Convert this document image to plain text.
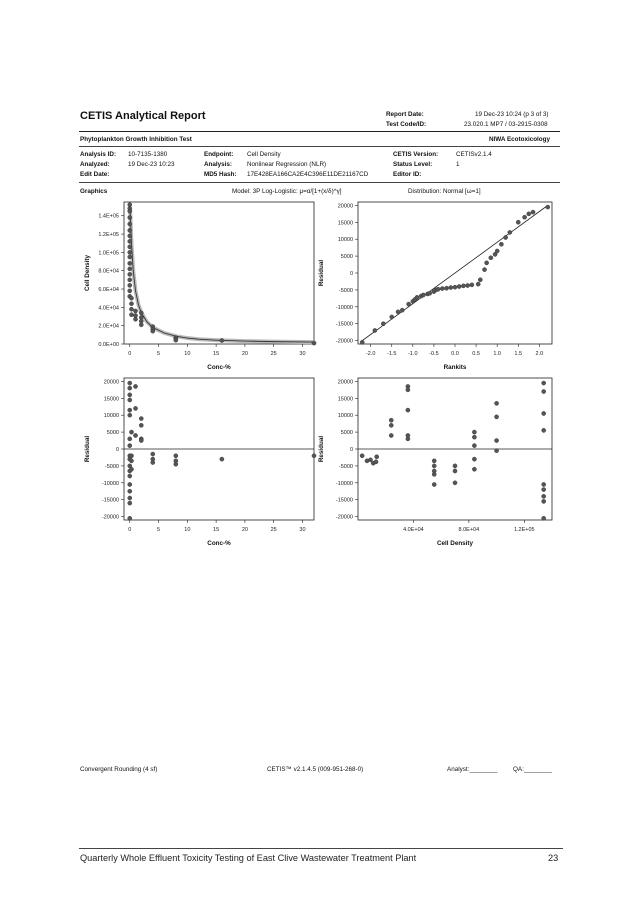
CETIS Analytical Report	Report Date:	19 Dec-23 10:24 (p 3 of 3)
Test Code/ID:	23.020.1 MP7 / 03-2915-0308
Phytoplankton Growth Inhibition Test	NIWA Ecotoxicology
Analysis ID: 10-7135-1380
Analyzed:	19 Dec-23 10:23
Edit Date:
Endpoint: Cell Density
Analysis: Nonlinear Regression (NLR)
MD5 Hash: 17E428EA166CA2E4C396E11DE21167CD
CETIS Version:	CETISv2.1.4
Status Level:	1
Editor ID:
Graphics	Model: 3P Log-Logistic: μ=α/[1+(x/δ)^γ]	Distribution: Normal [ω=1]
0.0E+00
2.0E+04
4.0E+04
6.0E+04
8.0E+04
1.0E+05
1.2E+05
1.4E+05
0	5	10	15	20	25	30
Conc-%
Cell Density
-20000
-15000
-10000
-5000
0
5000
10000
15000
20000
-2.0 -1.5 -1.0 -0.5 0.0 0.5 1.0 1.5 2.0
Rankits
Residual
-20000
-15000
-10000
-5000
0
5000
10000
15000
20000
0	5	10	15	20	25	30
Conc-%
Residual
-20000
-15000
-10000
-5000
0
5000
10000
15000
20000
4.0E+04	8.0E+04	1.2E+05
Cell Density
Residual
Convergent Rounding (4 sf)	CETIS™ v2.1.4.5 (009-951-268-0)	Analyst:________ QA:________
Quarterly Whole Effluent Toxicity Testing of East Clive Wastewater Treatment Plant	23
